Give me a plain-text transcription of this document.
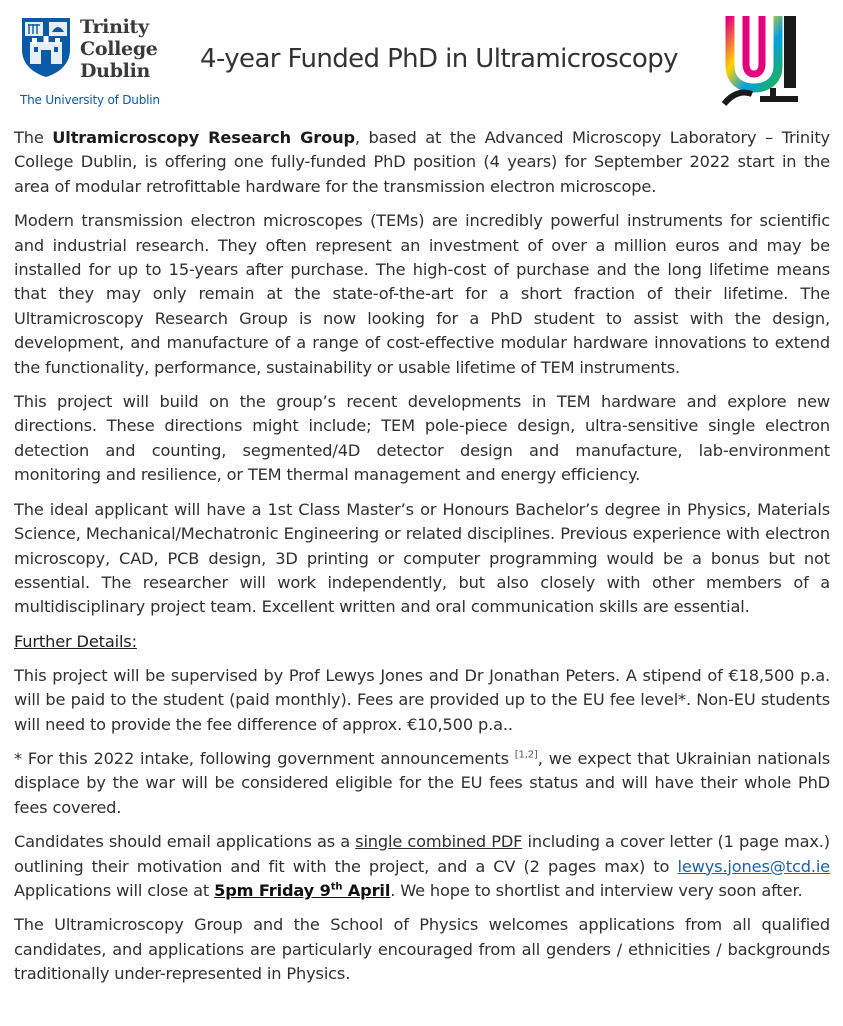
Trinity
College
Dublin
The University of Dublin
4-year Funded PhD in Ultramicroscopy

The Ultramicroscopy Research Group, based at the Advanced Microscopy Laboratory – Trinity College Dublin, is offering one fully-funded PhD position (4 years) for September 2022 start in the area of modular retrofittable hardware for the transmission electron microscope.

Modern transmission electron microscopes (TEMs) are incredibly powerful instruments for scientific and industrial research. They often represent an investment of over a million euros and may be installed for up to 15-years after purchase. The high-cost of purchase and the long lifetime means that they may only remain at the state-of-the-art for a short fraction of their lifetime. The Ultramicroscopy Research Group is now looking for a PhD student to assist with the design, development, and manufacture of a range of cost-effective modular hardware innovations to extend the functionality, performance, sustainability or usable lifetime of TEM instruments.

This project will build on the group’s recent developments in TEM hardware and explore new directions. These directions might include; TEM pole-piece design, ultra-sensitive single electron detection and counting, segmented/4D detector design and manufacture, lab-environment monitoring and resilience, or TEM thermal management and energy efficiency.

The ideal applicant will have a 1st Class Master’s or Honours Bachelor’s degree in Physics, Materials Science, Mechanical/Mechatronic Engineering or related disciplines. Previous experience with electron microscopy, CAD, PCB design, 3D printing or computer programming would be a bonus but not essential. The researcher will work independently, but also closely with other members of a multidisciplinary project team. Excellent written and oral communication skills are essential.

Further Details:

This project will be supervised by Prof Lewys Jones and Dr Jonathan Peters. A stipend of €18,500 p.a. will be paid to the student (paid monthly). Fees are provided up to the EU fee level*. Non-EU students will need to provide the fee difference of approx. €10,500 p.a..

* For this 2022 intake, following government announcements [1,2], we expect that Ukrainian nationals displace by the war will be considered eligible for the EU fees status and will have their whole PhD fees covered.

Candidates should email applications as a single combined PDF including a cover letter (1 page max.) outlining their motivation and fit with the project, and a CV (2 pages max) to lewys.jones@tcd.ie Applications will close at 5pm Friday 9th April. We hope to shortlist and interview very soon after.

The Ultramicroscopy Group and the School of Physics welcomes applications from all qualified candidates, and applications are particularly encouraged from all genders / ethnicities / backgrounds traditionally under-represented in Physics.
